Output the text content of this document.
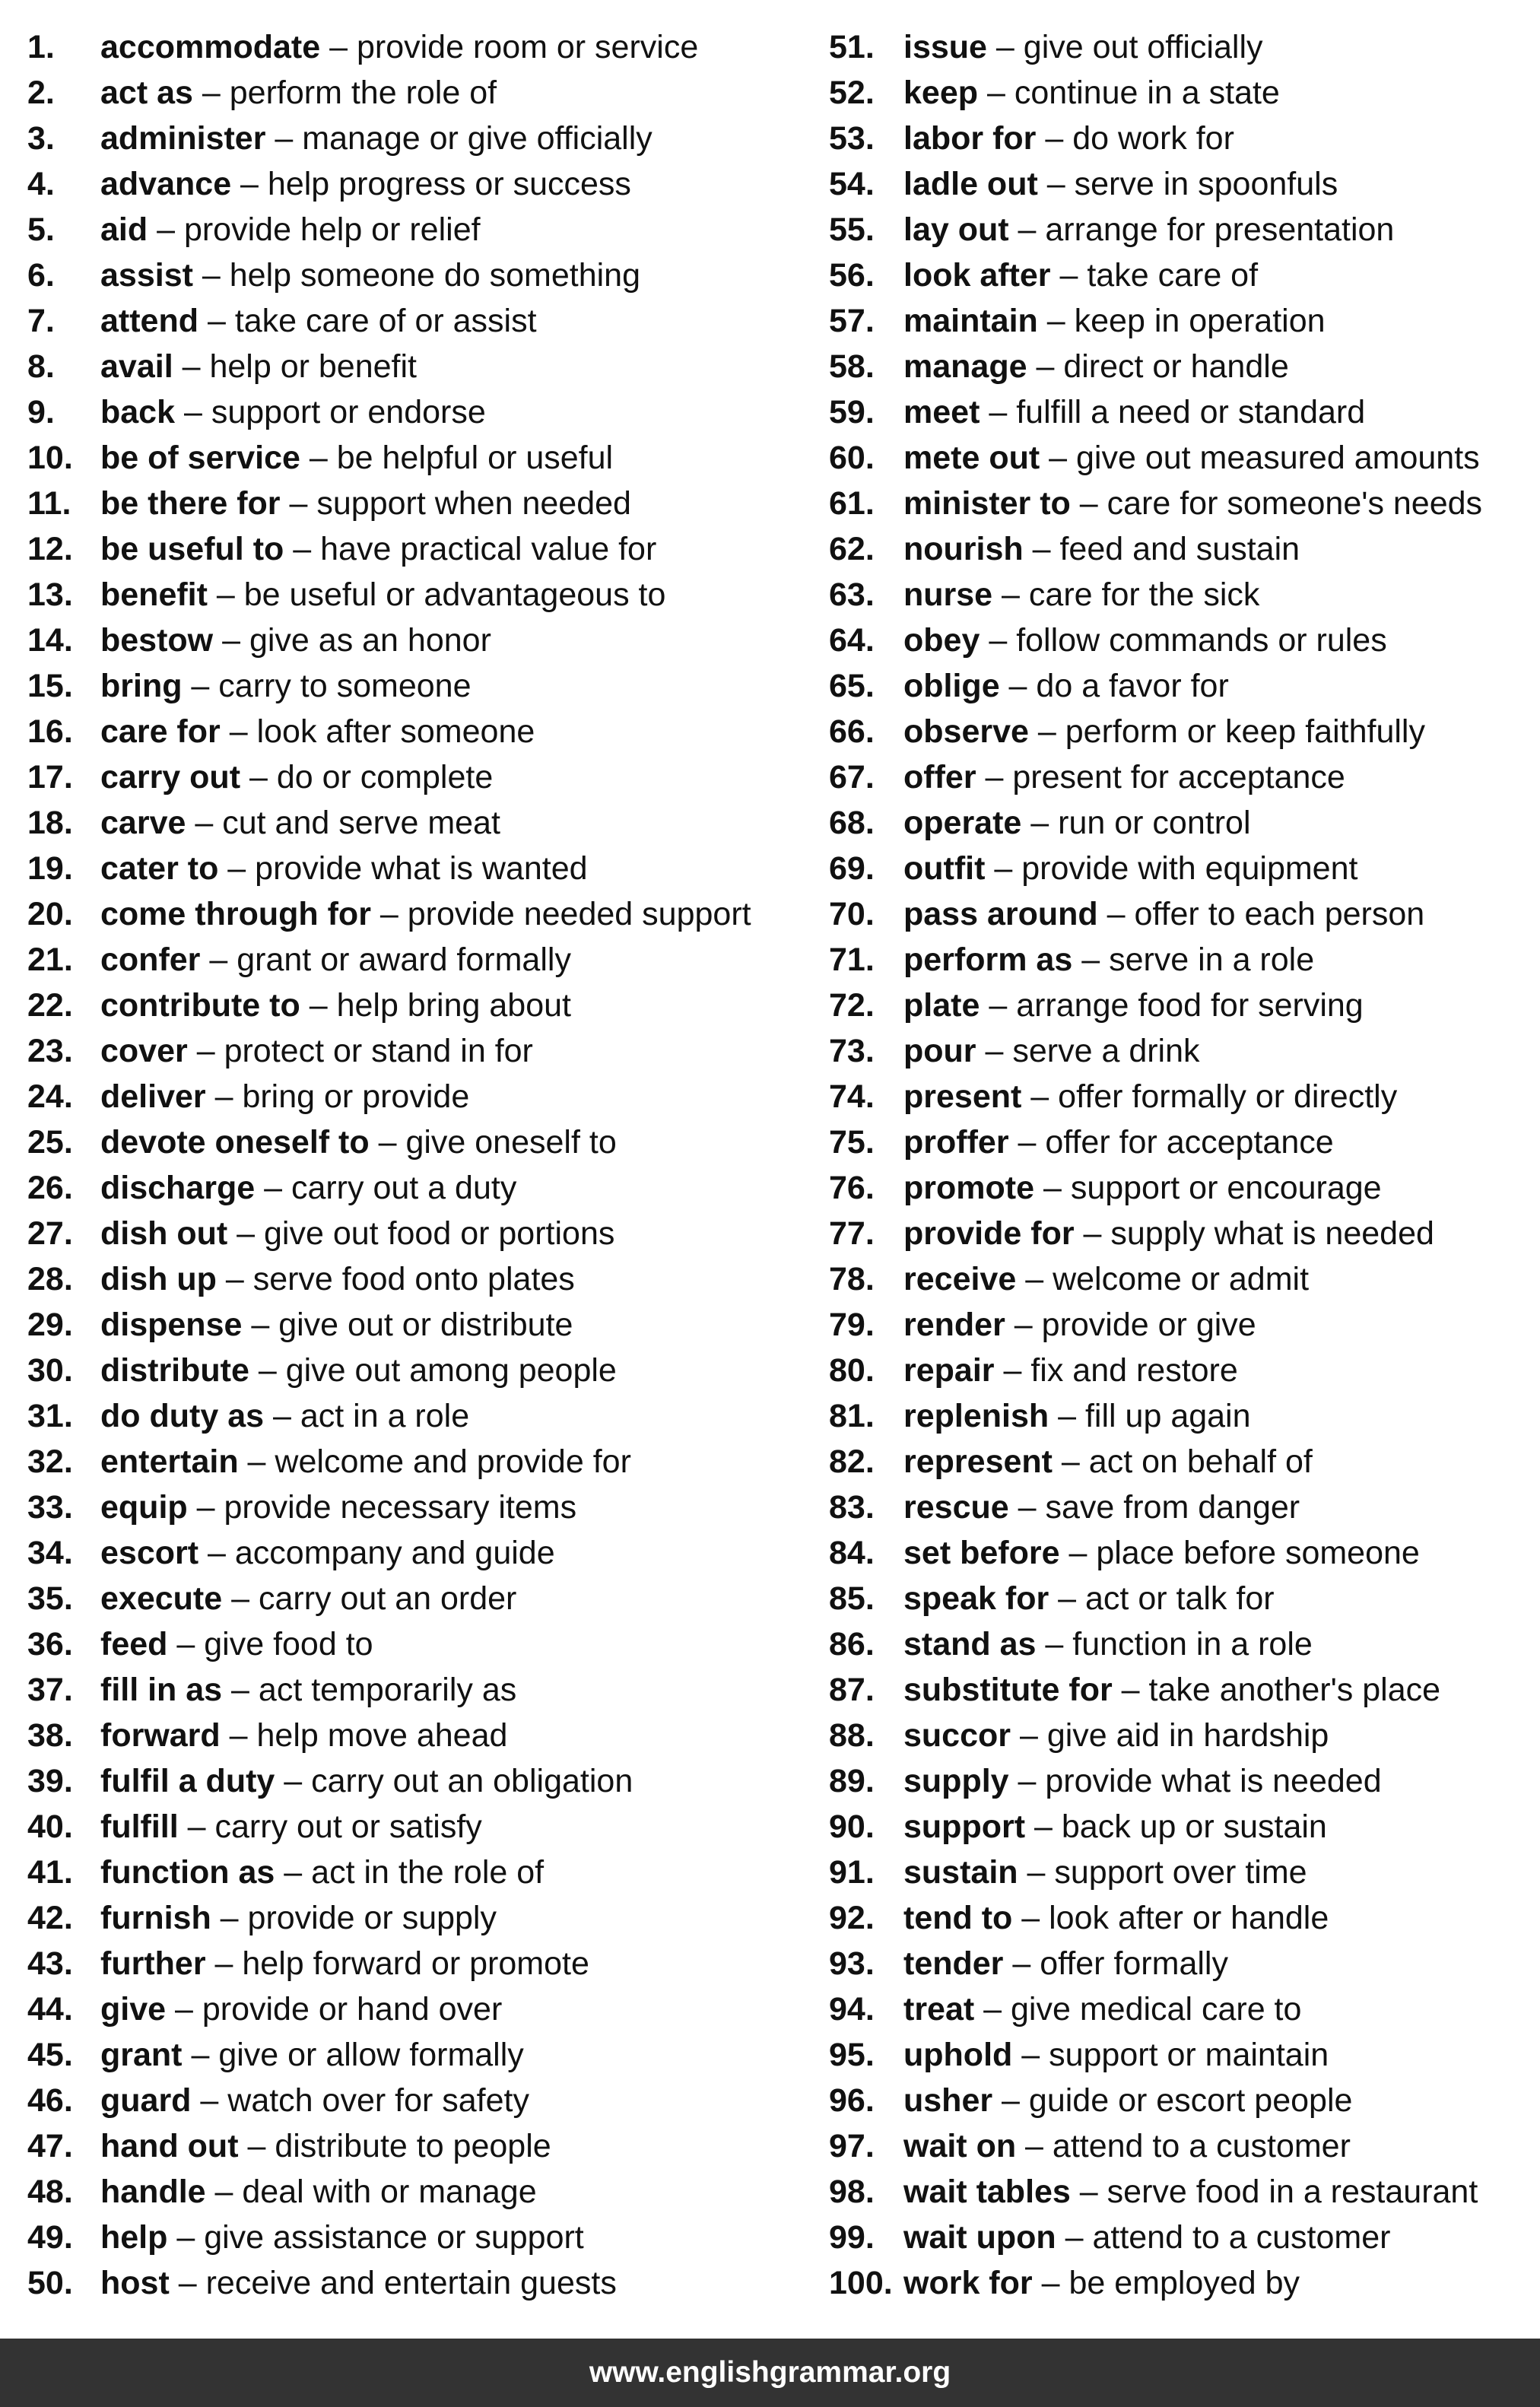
1.	accommodate – provide room or service
2.	act as – perform the role of
3.	administer – manage or give officially
4.	advance – help progress or success
5.	aid – provide help or relief
6.	assist – help someone do something
7.	attend – take care of or assist
8.	avail – help or benefit
9.	back – support or endorse
10. be of service – be helpful or useful
11. be there for – support when needed
12. be useful to – have practical value for
13. benefit – be useful or advantageous to
14. bestow – give as an honor
15. bring – carry to someone
16. care for – look after someone
17. carry out – do or complete
18. carve – cut and serve meat
19. cater to – provide what is wanted
20. come through for – provide needed support
21. confer – grant or award formally
22. contribute to – help bring about
23. cover – protect or stand in for
24. deliver – bring or provide
25. devote oneself to – give oneself to
26. discharge – carry out a duty
27. dish out – give out food or portions
28. dish up – serve food onto plates
29. dispense – give out or distribute
30. distribute – give out among people
31. do duty as – act in a role
32. entertain – welcome and provide for
33. equip – provide necessary items
34. escort – accompany and guide
35. execute – carry out an order
36. feed – give food to
37. fill in as – act temporarily as
38. forward – help move ahead
39. fulfil a duty – carry out an obligation
40. fulfill – carry out or satisfy
41. function as – act in the role of
42. furnish – provide or supply
43. further – help forward or promote
44. give – provide or hand over
45. grant – give or allow formally
46. guard – watch over for safety
47. hand out – distribute to people
48. handle – deal with or manage
49. help – give assistance or support
50. host – receive and entertain guests
51. issue – give out officially
52. keep – continue in a state
53. labor for – do work for
54. ladle out – serve in spoonfuls
55. lay out – arrange for presentation
56. look after – take care of
57. maintain – keep in operation
58. manage – direct or handle
59. meet – fulfill a need or standard
60. mete out – give out measured amounts
61. minister to – care for someone's needs
62. nourish – feed and sustain
63. nurse – care for the sick
64. obey – follow commands or rules
65. oblige – do a favor for
66. observe – perform or keep faithfully
67. offer – present for acceptance
68. operate – run or control
69. outfit – provide with equipment
70. pass around – offer to each person
71. perform as – serve in a role
72. plate – arrange food for serving
73. pour – serve a drink
74. present – offer formally or directly
75. proffer – offer for acceptance
76. promote – support or encourage
77. provide for – supply what is needed
78. receive – welcome or admit
79. render – provide or give
80. repair – fix and restore
81. replenish – fill up again
82. represent – act on behalf of
83. rescue – save from danger
84. set before – place before someone
85. speak for – act or talk for
86. stand as – function in a role
87. substitute for – take another's place
88. succor – give aid in hardship
89. supply – provide what is needed
90. support – back up or sustain
91. sustain – support over time
92. tend to – look after or handle
93. tender – offer formally
94. treat – give medical care to
95. uphold – support or maintain
96. usher – guide or escort people
97. wait on – attend to a customer
98. wait tables – serve food in a restaurant
99. wait upon – attend to a customer
100. work for – be employed by
www.englishgrammar.org
